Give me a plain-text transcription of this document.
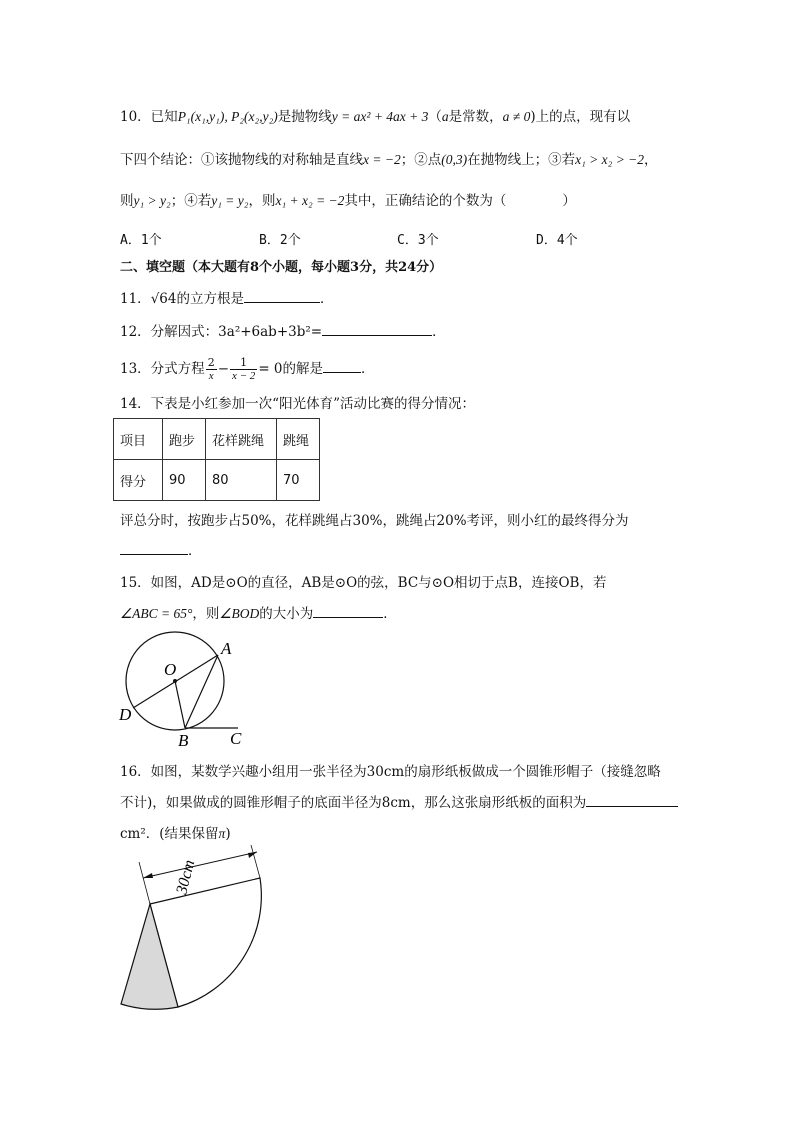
10．已知P₁(x₁,y₁), P₂(x₂,y₂)是抛物线y = ax² + 4ax + 3（a是常数，a ≠ 0)上的点，现有以
下四个结论：①该抛物线的对称轴是直线x = −2；②点(0,3)在抛物线上；③若x₁ > x₂ > −2，
则y₁ > y₂；④若y₁ = y₂，则x₁ + x₂ = −2其中，正确结论的个数为（	）
A．1个	B．2个	C．3个	D．4个
二、填空题（本大题有8个小题，每小题3分，共24分）
11．√64的立方根是	．
12．分解因式：3a²+6ab+3b²=	．
13．分式方程 $\frac{2}{x} - \frac{1}{x - 2} = 0$的解是	．
14．下表是小红参加一次“阳光体育”活动比赛的得分情况：
项目	跑步	花样跳绳	跳绳
得分	90	80	70
评总分时，按跑步占50%，花样跳绳占30%，跳绳占20%考评，则小红的最终得分为
．
15．如图，AD是⊙O的直径，AB是⊙O的弦，BC与⊙O相切于点B，连接OB，若
∠ABC = 65°，则∠BOD的大小为	．
O
A
D
B C
16．如图，某数学兴趣小组用一张半径为30cm的扇形纸板做成一个圆锥形帽子（接缝忽略
不计)，如果做成的圆锥形帽子的底面半径为8cm，那么这张扇形纸板的面积为
cm²．(结果保留π)
30cm
